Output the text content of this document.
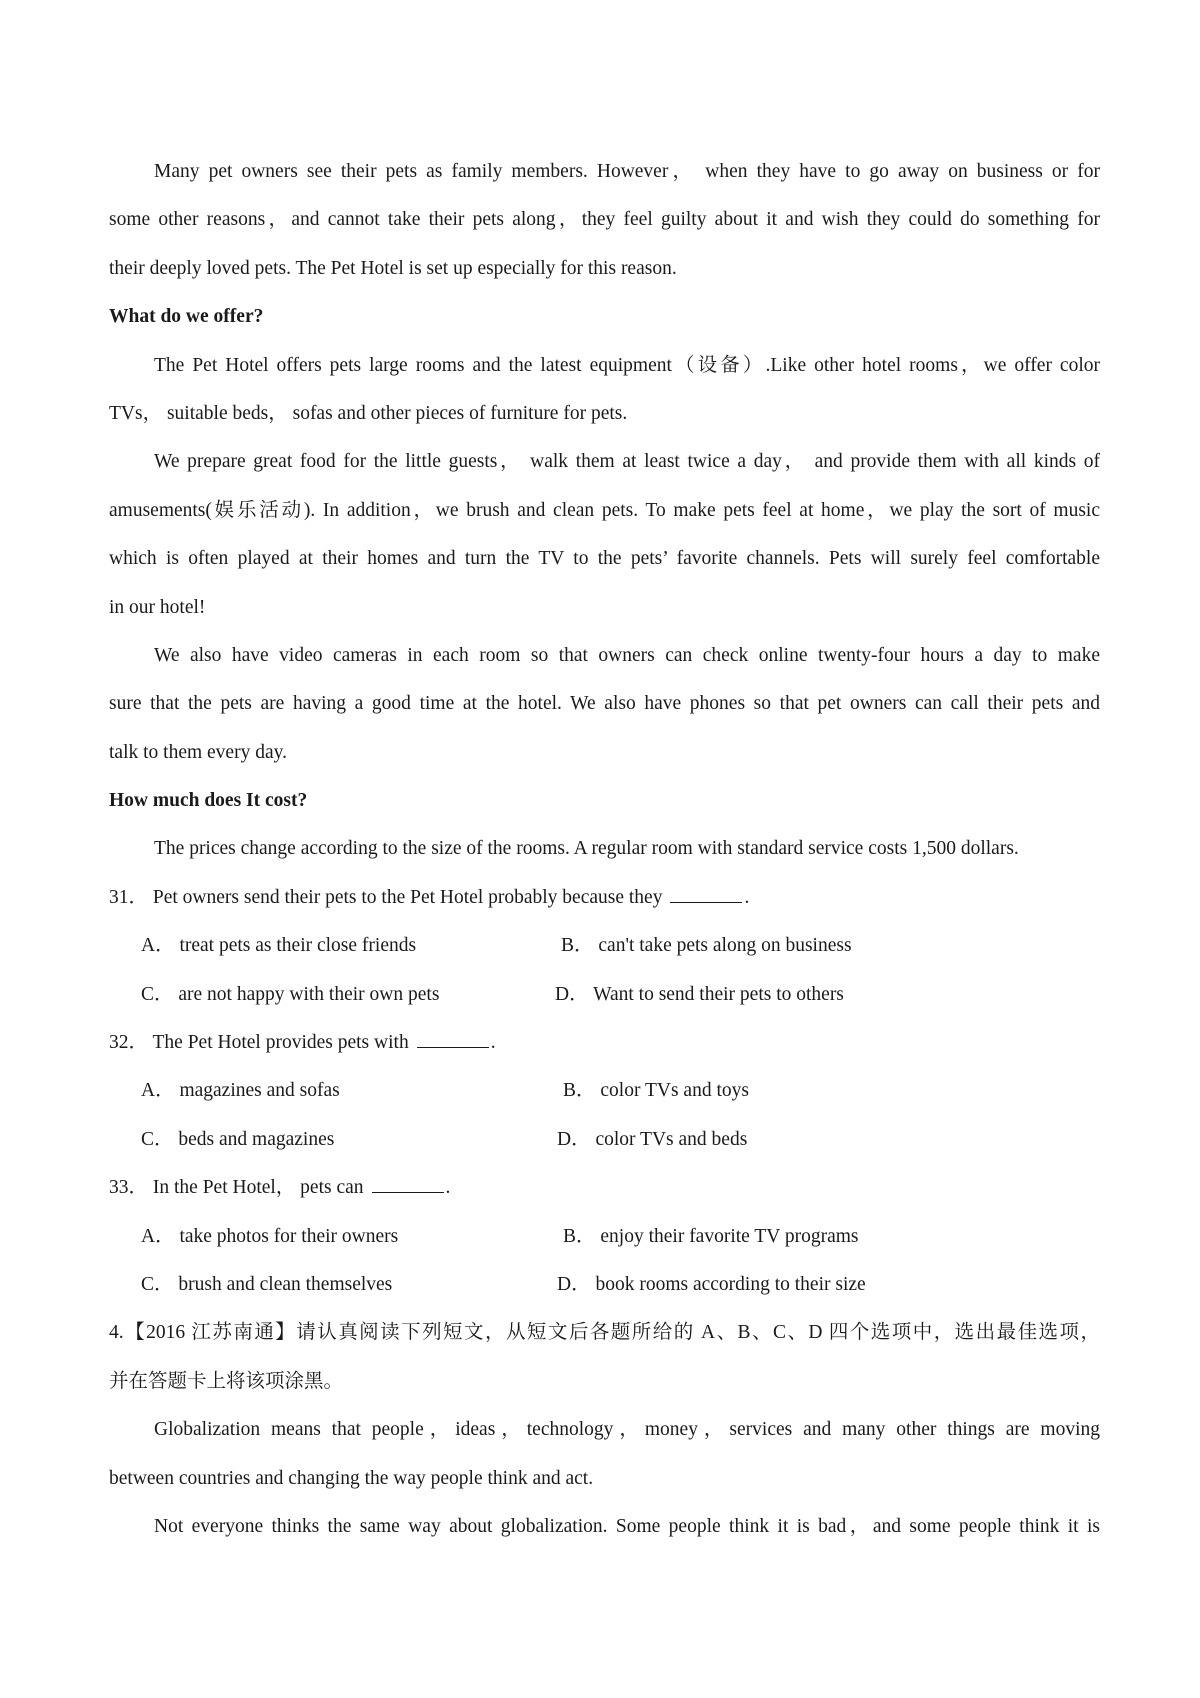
Many pet owners see their pets as family members. However， when they have to go away on business or for
some other reasons，and cannot take their pets along，they feel guilty about it and wish they could do something for
their deeply loved pets. The Pet Hotel is set up especially for this reason.
What do we offer?
The Pet Hotel offers pets large rooms and the latest equipment（设备）.Like other hotel rooms，we offer color
TVs， suitable beds， sofas and other pieces of furniture for pets.
We prepare great food for the little guests， walk them at least twice a day， and provide them with all kinds of
amusements(娱乐活动). In addition，we brush and clean pets. To make pets feel at home，we play the sort of music
which is often played at their homes and turn the TV to the pets’ favorite channels. Pets will surely feel comfortable
in our hotel!
We also have video cameras in each room so that owners can check online twenty-four hours a day to make
sure that the pets are having a good time at the hotel. We also have phones so that pet owners can call their pets and
talk to them every day.
How much does It cost?
The prices change according to the size of the rooms. A regular room with standard service costs 1,500 dollars.
31． Pet owners send their pets to the Pet Hotel probably because they	.
A． treat pets as their close friends	B． can't take pets along on business
C． are not happy with their own pets	D． Want to send their pets to others
32． The Pet Hotel provides pets with	.
A． magazines and sofas	B． color TVs and toys
C． beds and magazines	D． color TVs and beds
33． In the Pet Hotel， pets can	.
A． take photos for their owners	B． enjoy their favorite TV programs
C． brush and clean themselves	D． book rooms according to their size
4.【2016 江苏南通】请认真阅读下列短文，从短文后各题所给的 A、B、C、D 四个选项中，选出最佳选项，
并在答题卡上将该项涂黑。
Globalization means that people，ideas，technology，money，services and many other things are moving
between countries and changing the way people think and act.
Not everyone thinks the same way about globalization. Some people think it is bad，and some people think it is
